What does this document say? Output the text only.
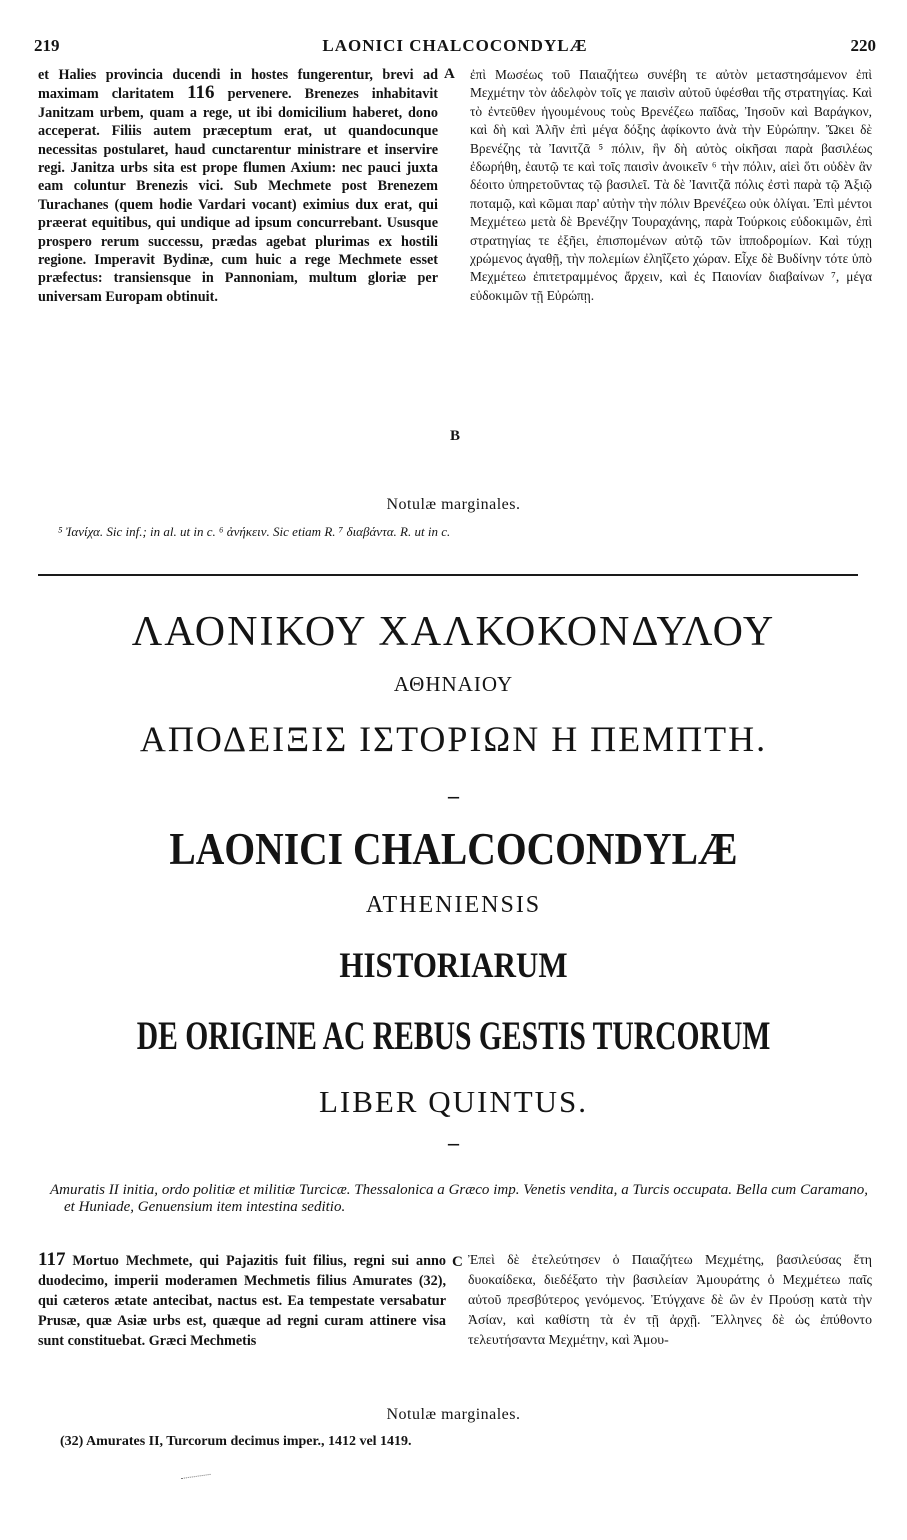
219	LAONICI CHALCOCONDYLÆ	220

et Halies provincia ducendi in hostes fungerentur, brevi ad maximam claritatem 116 pervenere. Brenezes inhabitavit Janitzam urbem, quam a rege, ut ibi domicilium haberet, dono acceperat. Filiis autem præceptum erat, ut quandocunque necessitas postularet, haud cunctarentur ministrare et inservire regi. Janitza urbs sita est prope flumen Axium: nec pauci juxta eam coluntur Brenezis vici. Sub Mechmete post Brenezem Turachanes (quem hodie Vardari vocant) eximius dux erat, qui præerat equitibus, qui undique ad ipsum concurrebant. Ususque prospero rerum successu, prædas agebat plurimas ex hostili regione. Imperavit Bydinæ, cum huic a rege Mechmete esset præfectus: transiensque in Pannoniam, multum gloriæ per universam Europam obtinuit.

A
B

ἐπὶ Μωσέως τοῦ Παιαζήτεω συνέβη τε αὐτὸν μεταστησάμενον ἐπὶ Μεχμέτην τὸν ἀδελφὸν τοῖς γε παισὶν αὐτοῦ ὑφέσθαι τῆς στρατηγίας. Καὶ τὸ ἐντεῦθεν ἡγουμένους τοὺς Βρενέζεω παῖδας, Ἰησοῦν καὶ Βαράγκον, καὶ δὴ καὶ Ἀλῆν ἐπὶ μέγα δόξης ἀφίκοντο ἀνὰ τὴν Εὐρώπην. Ὤκει δὲ Βρενέζης τὰ Ἰανιτζᾶ ⁵ πόλιν, ἣν δὴ αὐτὸς οἰκῆσαι παρὰ βασιλέως ἐδωρήθη, ἑαυτῷ τε καὶ τοῖς παισὶν ἀνοικεῖν ⁶ τὴν πόλιν, αἰεὶ ὅτι οὐδὲν ἂν δέοιτο ὑπηρετοῦντας τῷ βασιλεῖ. Τὰ δὲ Ἰανιτζᾶ πόλις ἐστὶ παρὰ τῷ Ἀξιῷ ποταμῷ, καὶ κῶμαι παρ' αὐτὴν τὴν πόλιν Βρενέζεω οὐκ ὀλίγαι. Ἐπὶ μέντοι Μεχμέτεω μετὰ δὲ Βρενέζην Τουραχάνης, παρὰ Τούρκοις εὐδοκιμῶν, ἐπὶ στρατηγίας τε ἐξῆει, ἐπισπομένων αὐτῷ τῶν ἱπποδρομίων. Καὶ τύχῃ χρώμενος ἀγαθῇ, τὴν πολεμίων ἐληΐζετο χώραν. Εἶχε δὲ Βυδίνην τότε ὑπὸ Μεχμέτεω ἐπιτετραμμένος ἄρχειν, καὶ ἐς Παιονίαν διαβαίνων ⁷, μέγα εὐδοκιμῶν τῇ Εὐρώπῃ.

Notulæ marginales.
⁵ Ἰανίχα. Sic inf.; in al. ut in c. ⁶ ἀνήκειν. Sic etiam R. ⁷ διαβάντα. R. ut in c.
ΛΑΟΝΙΚΟΥ ΧΑΛΚΟΚΟΝΔΥΛΟΥ
ΑΘΗΝΑΙΟΥ
ΑΠΟΔΕΙΞΙΣ ΙΣΤΟΡΙΩΝ Η ΠΕΜΠΤΗ.
–
LAONICI CHALCOCONDYLÆ
ATHENIENSIS
HISTORIARUM
DE ORIGINE AC REBUS GESTIS TURCORUM
LIBER QUINTUS.
–
Amuratis II initia, ordo politiæ et militiæ Turcicæ. Thessalonica a Græco imp. Venetis vendita, a Turcis occupata. Bella cum Caramano, et Huniade, Genuensium item intestina seditio.

117 Mortuo Mechmete, qui Pajazitis fuit filius, regni sui anno duodecimo, imperii moderamen Mechmetis filius Amurates (32), qui cæteros ætate antecibat, nactus est. Ea tempestate versabatur Prusæ, quæ Asiæ urbs est, quæque ad regni curam attinere visa sunt constituebat. Græci Mechmetis

C Ἐπεὶ δὲ ἐτελεύτησεν ὁ Παιαζήτεω Μεχμέτης, βασιλεύσας ἔτη δυοκαίδεκα, διεδέξατο τὴν βασιλείαν Ἀμουράτης ὁ Μεχμέτεω παῖς αὐτοῦ πρεσβύτερος γενόμενος. Ἐτύγχανε δὲ ὢν ἐν Προύσῃ κατὰ τὴν Ἀσίαν, καὶ καθίστη τὰ ἐν τῇ ἀρχῇ. Ἕλληνες δὲ ὡς ἐπύθοντο τελευτήσαντα Μεχμέτην, καὶ Ἀμου-

Notulæ marginales.
(32) Amurates II, Turcorum decimus imper., 1412 vel 1419.
